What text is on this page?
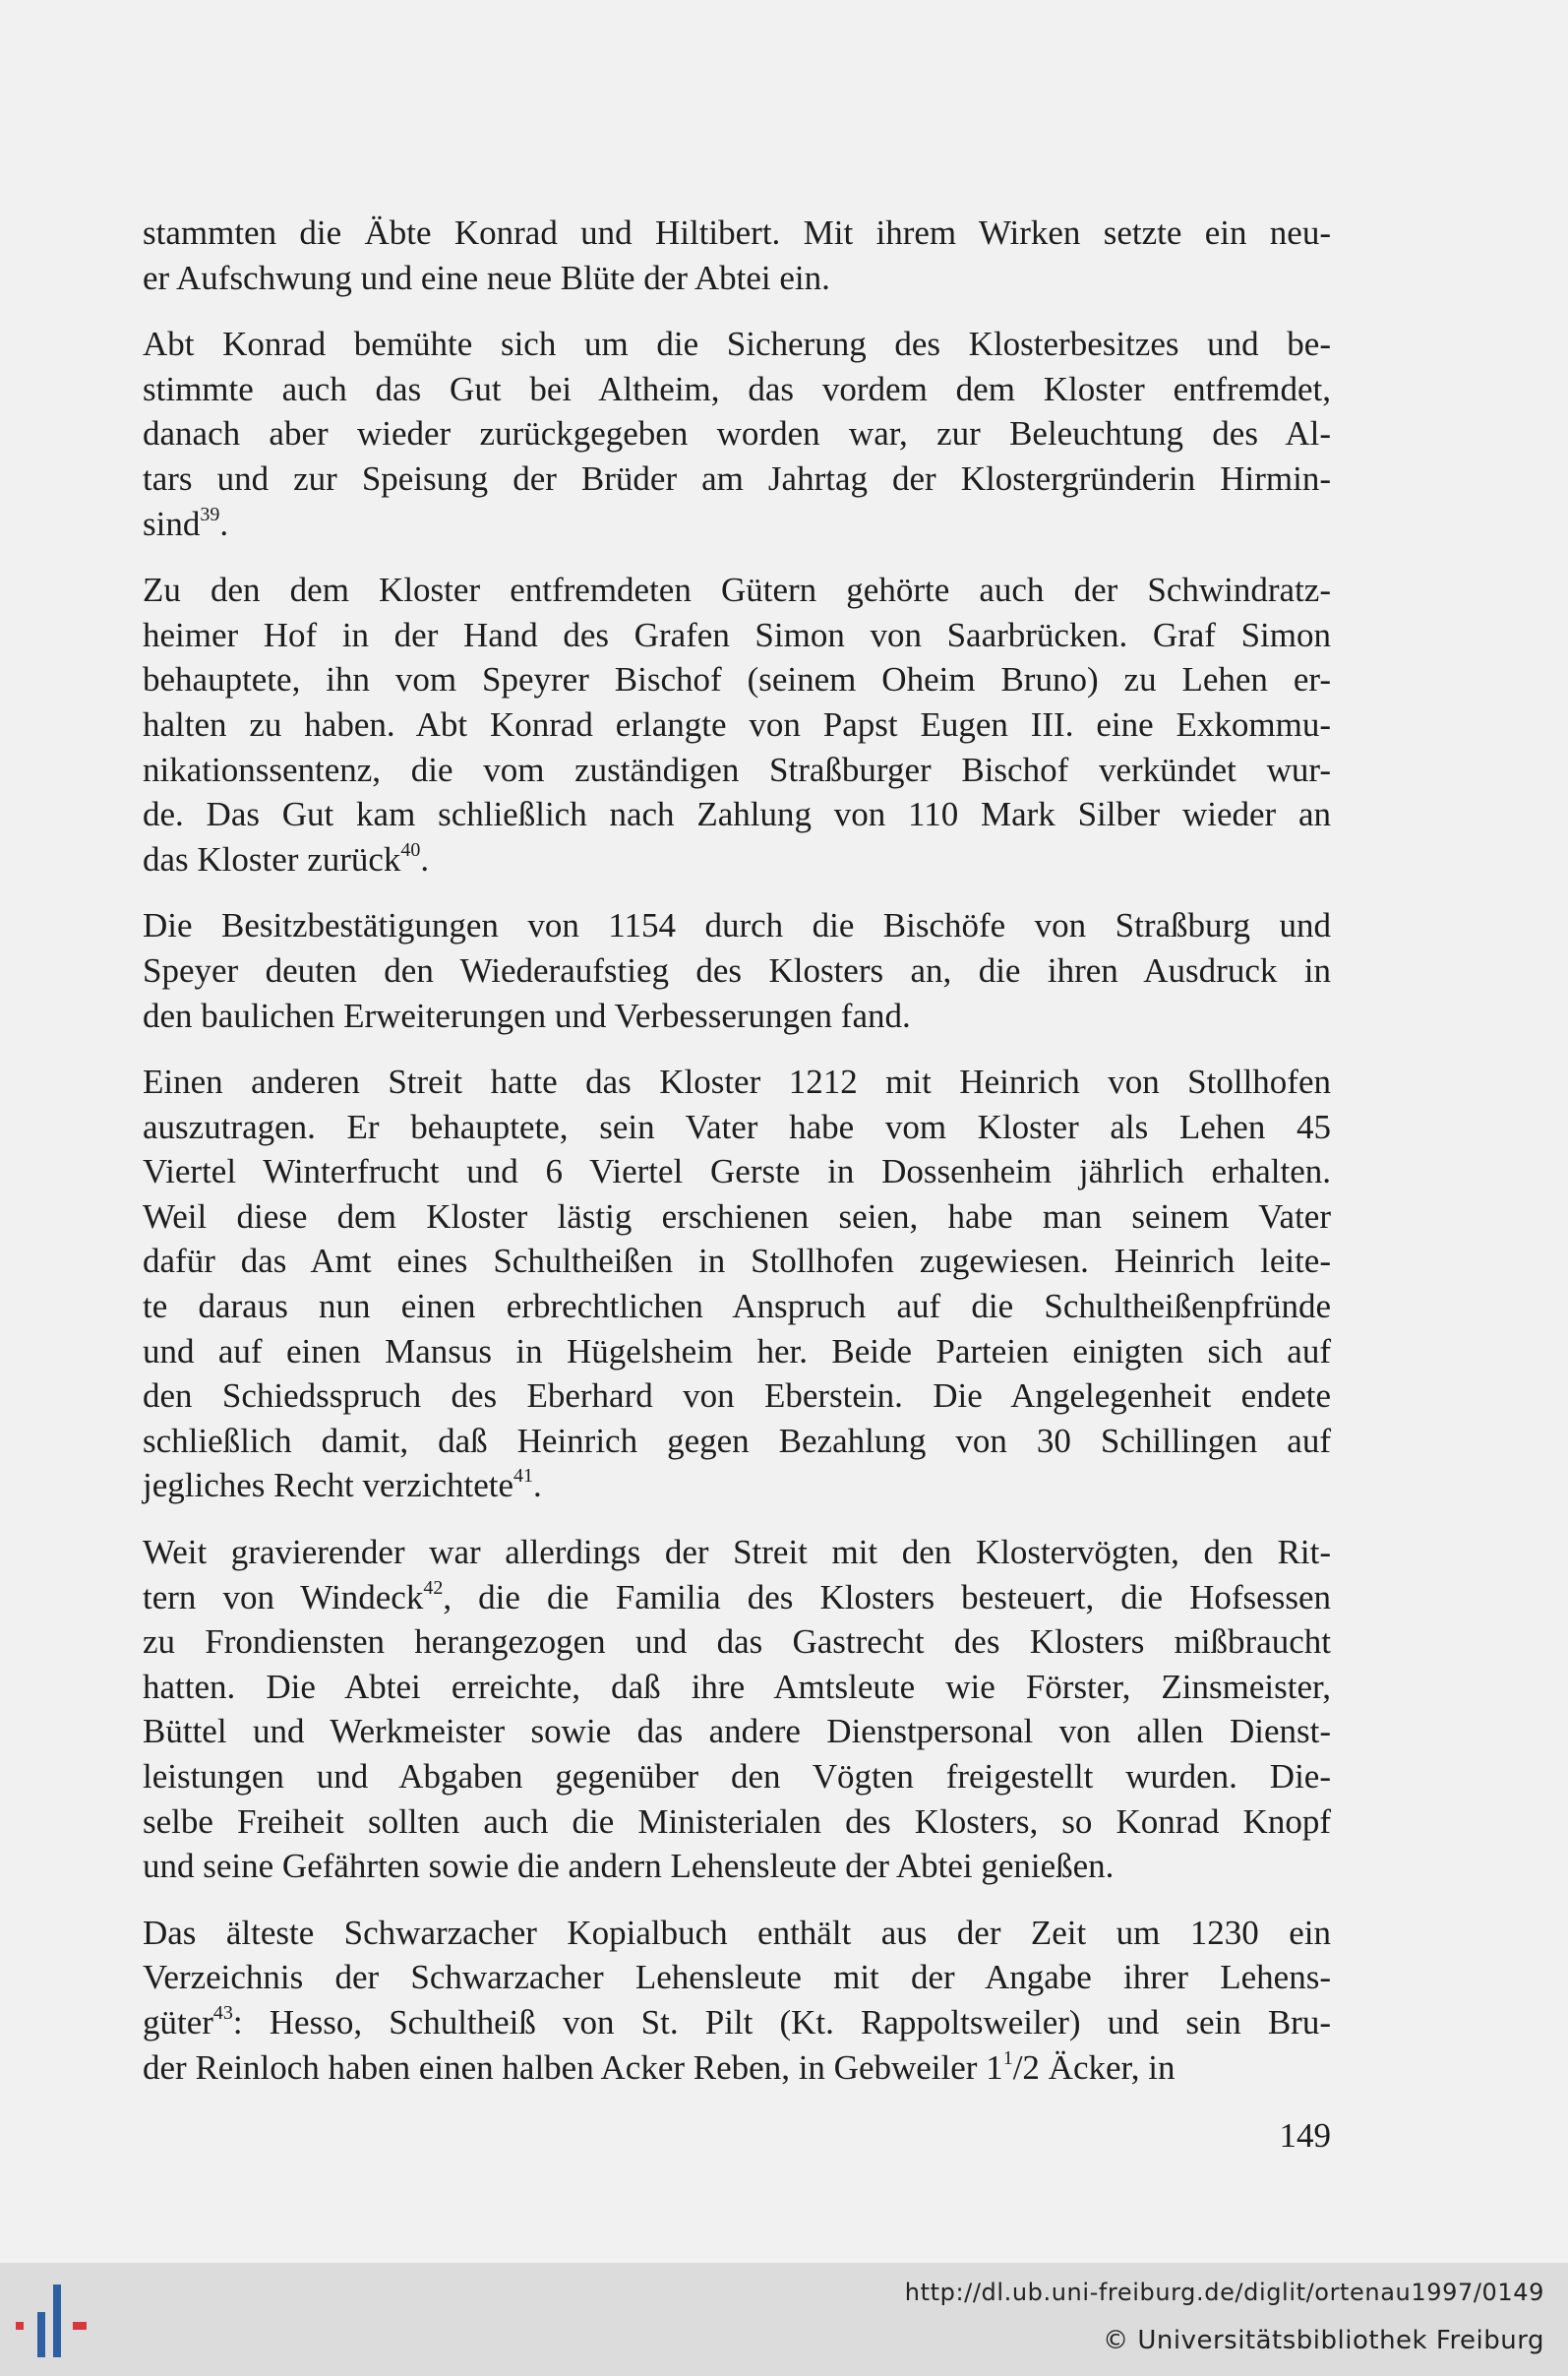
stammten die Äbte Konrad und Hiltibert. Mit ihrem Wirken setzte ein neu-
er Aufschwung und eine neue Blüte der Abtei ein.

Abt Konrad bemühte sich um die Sicherung des Klosterbesitzes und be-
stimmte auch das Gut bei Altheim, das vordem dem Kloster entfremdet,
danach aber wieder zurückgegeben worden war, zur Beleuchtung des Al-
tars und zur Speisung der Brüder am Jahrtag der Klostergründerin Hirmin-
sind$^{39}$.

Zu den dem Kloster entfremdeten Gütern gehörte auch der Schwindratz-
heimer Hof in der Hand des Grafen Simon von Saarbrücken. Graf Simon
behauptete, ihn vom Speyrer Bischof (seinem Oheim Bruno) zu Lehen er-
halten zu haben. Abt Konrad erlangte von Papst Eugen III. eine Exkommu-
nikationssentenz, die vom zuständigen Straßburger Bischof verkündet wur-
de. Das Gut kam schließlich nach Zahlung von 110 Mark Silber wieder an
das Kloster zurück$^{40}$.

Die Besitzbestätigungen von 1154 durch die Bischöfe von Straßburg und
Speyer deuten den Wiederaufstieg des Klosters an, die ihren Ausdruck in
den baulichen Erweiterungen und Verbesserungen fand.

Einen anderen Streit hatte das Kloster 1212 mit Heinrich von Stollhofen
auszutragen. Er behauptete, sein Vater habe vom Kloster als Lehen 45
Viertel Winterfrucht und 6 Viertel Gerste in Dossenheim jährlich erhalten.
Weil diese dem Kloster lästig erschienen seien, habe man seinem Vater
dafür das Amt eines Schultheißen in Stollhofen zugewiesen. Heinrich leite-
te daraus nun einen erbrechtlichen Anspruch auf die Schultheißenpfründe
und auf einen Mansus in Hügelsheim her. Beide Parteien einigten sich auf
den Schiedsspruch des Eberhard von Eberstein. Die Angelegenheit endete
schließlich damit, daß Heinrich gegen Bezahlung von 30 Schillingen auf
jegliches Recht verzichtete$^{41}$.

Weit gravierender war allerdings der Streit mit den Klostervögten, den Rit-
tern von Windeck$^{42}$, die die Familia des Klosters besteuert, die Hofsessen
zu Frondiensten herangezogen und das Gastrecht des Klosters mißbraucht
hatten. Die Abtei erreichte, daß ihre Amtsleute wie Förster, Zinsmeister,
Büttel und Werkmeister sowie das andere Dienstpersonal von allen Dienst-
leistungen und Abgaben gegenüber den Vögten freigestellt wurden. Die-
selbe Freiheit sollten auch die Ministerialen des Klosters, so Konrad Knopf
und seine Gefährten sowie die andern Lehensleute der Abtei genießen.

Das älteste Schwarzacher Kopialbuch enthält aus der Zeit um 1230 ein
Verzeichnis der Schwarzacher Lehensleute mit der Angabe ihrer Lehens-
güter$^{43}$: Hesso, Schultheiß von St. Pilt (Kt. Rappoltsweiler) und sein Bru-
der Reinloch haben einen halben Acker Reben, in Gebweiler $1^1/2$ Äcker, in

149
http://dl.ub.uni-freiburg.de/diglit/ortenau1997/0149
© Universitätsbibliothek Freiburg
